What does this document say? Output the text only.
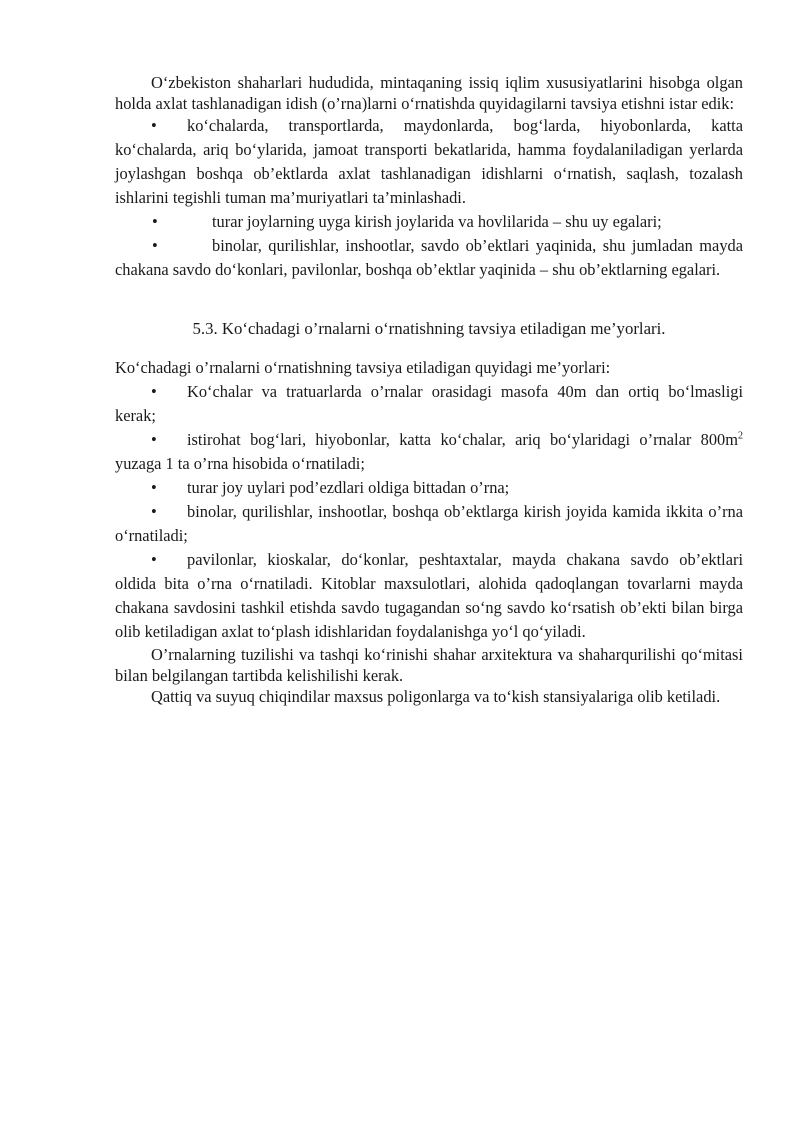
O‘zbekiston shaharlari hududida, mintaqaning issiq iqlim xususiyatlarini hisobga olgan holda axlat tashlanadigan idish (o’rna)larni o‘rnatishda quyidagilarni tavsiya etishni istar edik:

• ko‘chalarda, transportlarda, maydonlarda, bog‘larda, hiyobonlarda, katta ko‘chalarda, ariq bo‘ylarida, jamoat transporti bekatlarida, hamma foydalaniladigan yerlarda joylashgan boshqa ob’ektlarda axlat tashlanadigan idishlarni o‘rnatish, saqlash, tozalash ishlarini tegishli tuman ma’muriyatlari ta’minlashadi.

•	turar joylarning uyga kirish joylarida va hovlilarida – shu uy egalari;

•	binolar, qurilishlar, inshootlar, savdo ob’ektlari yaqinida, shu jumladan mayda chakana savdo do‘konlari, pavilonlar, boshqa ob’ektlar yaqinida – shu ob’ektlarning egalari.

5.3. Ko‘chadagi o’rnalarni o‘rnatishning tavsiya etiladigan me’yorlari.

Ko‘chadagi o’rnalarni o‘rnatishning tavsiya etiladigan quyidagi me’yorlari:

• Ko‘chalar va tratuarlarda o’rnalar orasidagi masofa 40m dan ortiq bo‘lmasligi kerak;

• istirohat bog‘lari, hiyobonlar, katta ko‘chalar, ariq bo‘ylaridagi o’rnalar $800m^2$ yuzaga 1 ta o’rna hisobida o‘rnatiladi;

• turar joy uylari pod’ezdlari oldiga bittadan o’rna;

• binolar, qurilishlar, inshootlar, boshqa ob’ektlarga kirish joyida kamida ikkita o’rna o‘rnatiladi;

• pavilonlar, kioskalar, do‘konlar, peshtaxtalar, mayda chakana savdo ob’ektlari oldida bita o’rna o‘rnatiladi. Kitoblar maxsulotlari, alohida qadoqlangan tovarlarni mayda chakana savdosini tashkil etishda savdo tugagandan so‘ng savdo ko‘rsatish ob’ekti bilan birga olib ketiladigan axlat to‘plash idishlaridan foydalanishga yo‘l qo‘yiladi.

O’rnalarning tuzilishi va tashqi ko‘rinishi shahar arxitektura va shaharqurilishi qo‘mitasi bilan belgilangan tartibda kelishilishi kerak.

Qattiq va suyuq chiqindilar maxsus poligonlarga va to‘kish stansiyalariga olib ketiladi.
